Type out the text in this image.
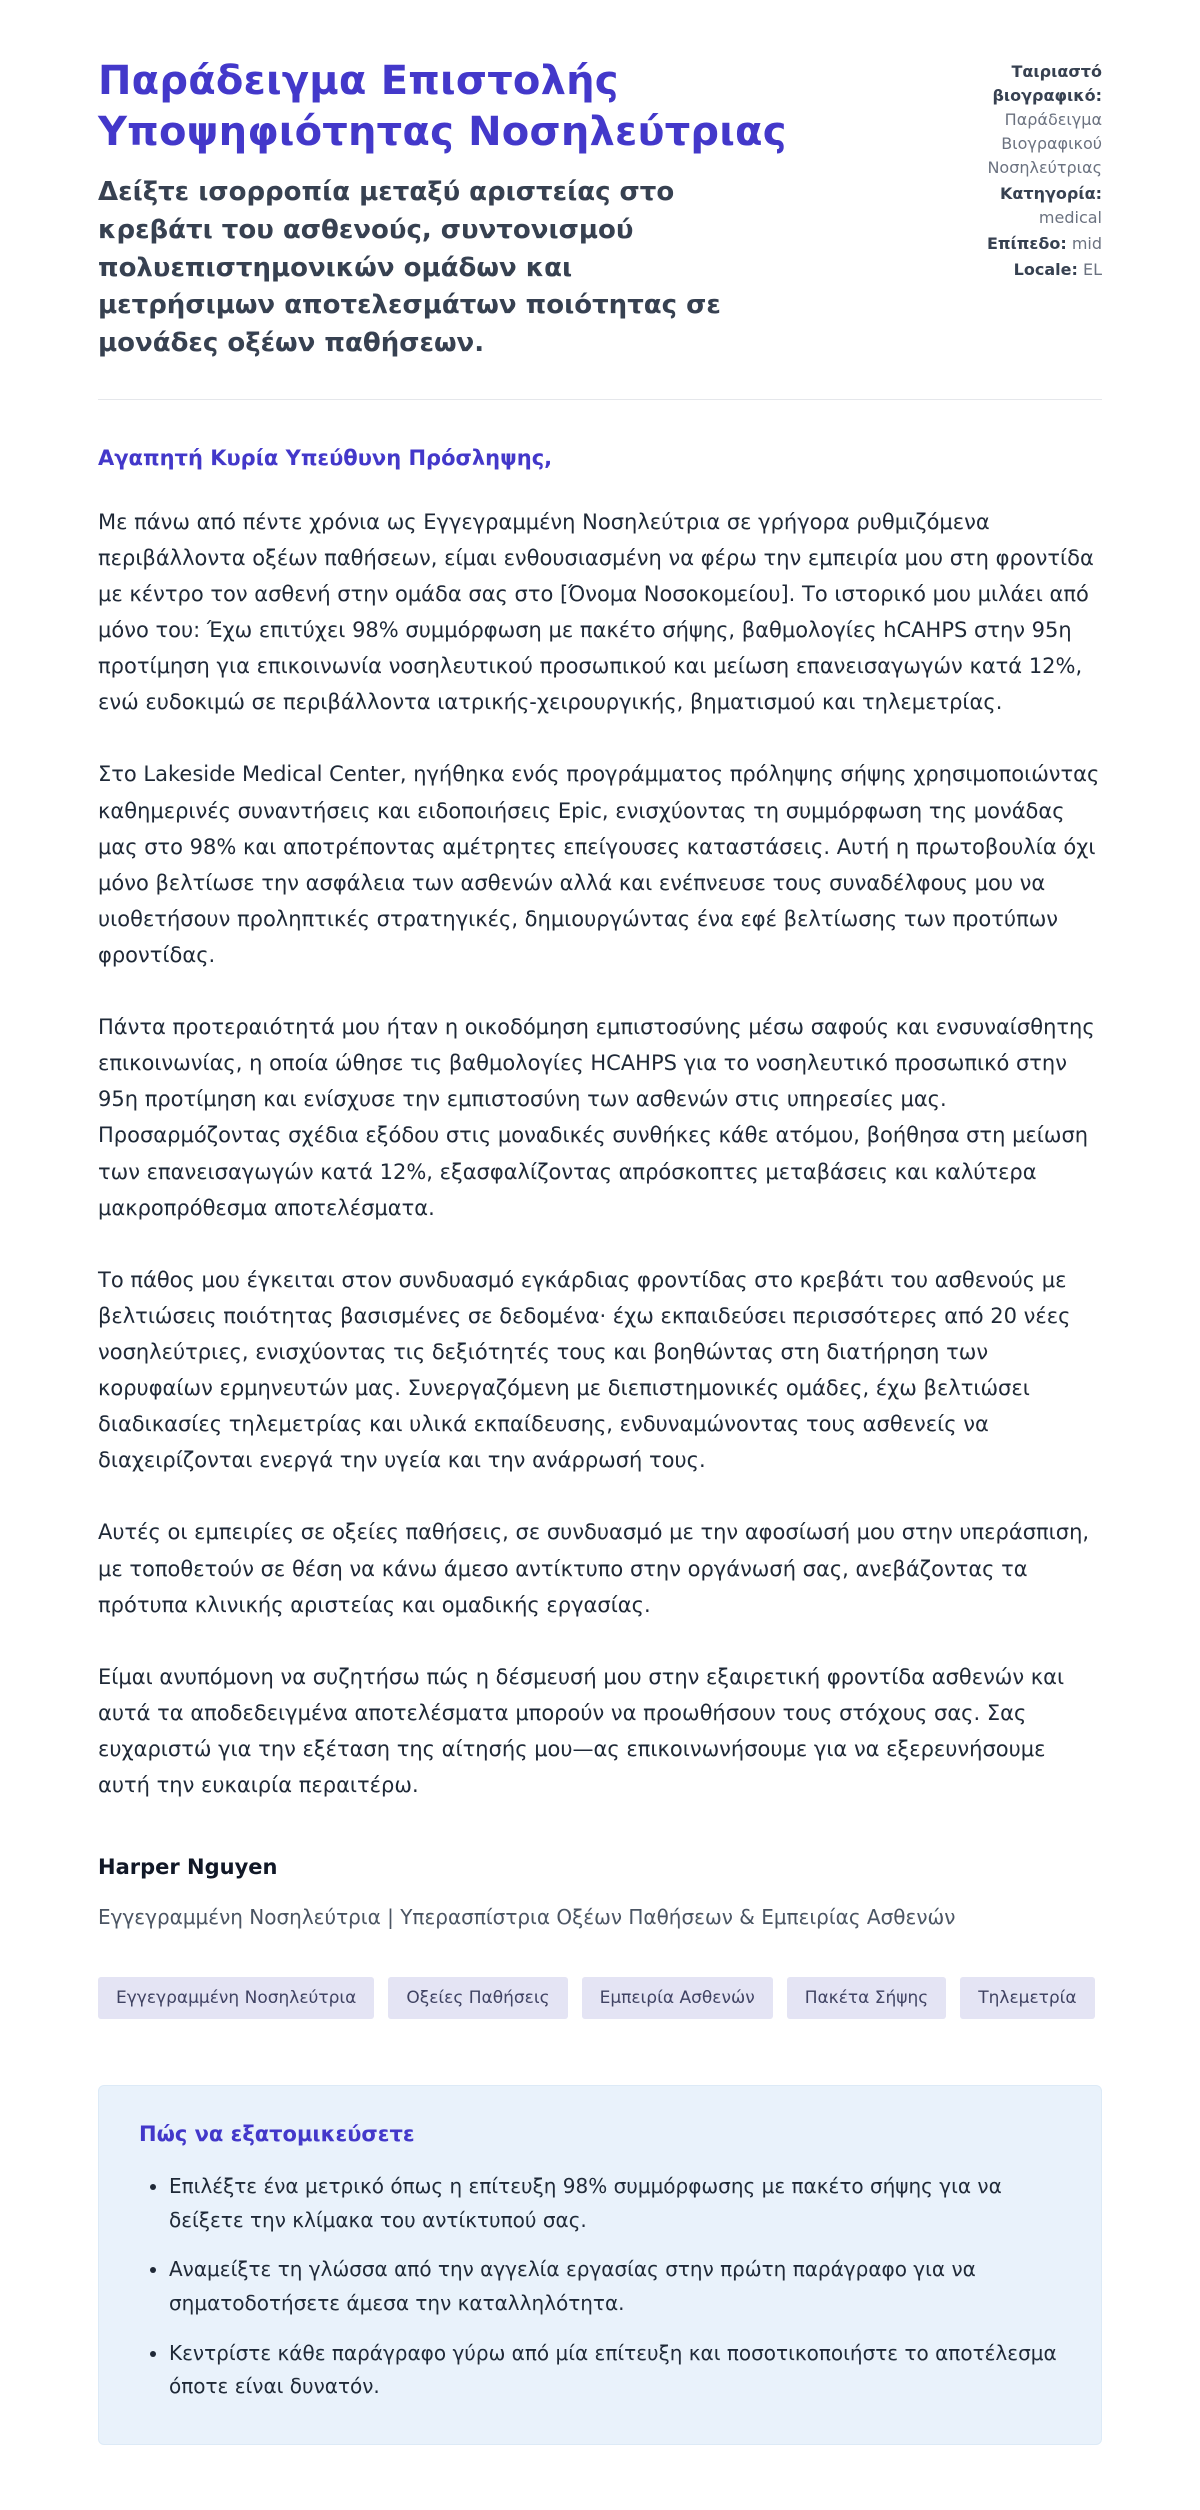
Παράδειγμα Επιστολής Υποψηφιότητας Νοσηλεύτριας

Δείξτε ισορροπία μεταξύ αριστείας στο κρεβάτι του ασθενούς, συντονισμού πολυεπιστημονικών ομάδων και μετρήσιμων αποτελεσμάτων ποιότητας σε μονάδες οξέων παθήσεων.

Ταιριαστό βιογραφικό: Παράδειγμα Βιογραφικού Νοσηλεύτριας
Κατηγορία: medical
Επίπεδο: mid
Locale: EL

Αγαπητή Κυρία Υπεύθυνη Πρόσληψης,

Με πάνω από πέντε χρόνια ως Εγγεγραμμένη Νοσηλεύτρια σε γρήγορα ρυθμιζόμενα περιβάλλοντα οξέων παθήσεων, είμαι ενθουσιασμένη να φέρω την εμπειρία μου στη φροντίδα με κέντρο τον ασθενή στην ομάδα σας στο [Όνομα Νοσοκομείου]. Το ιστορικό μου μιλάει από μόνο του: Έχω επιτύχει 98% συμμόρφωση με πακέτο σήψης, βαθμολογίες hCAHPS στην 95η προτίμηση για επικοινωνία νοσηλευτικού προσωπικού και μείωση επανεισαγωγών κατά 12%, ενώ ευδοκιμώ σε περιβάλλοντα ιατρικής-χειρουργικής, βηματισμού και τηλεμετρίας.

Στο Lakeside Medical Center, ηγήθηκα ενός προγράμματος πρόληψης σήψης χρησιμοποιώντας καθημερινές συναντήσεις και ειδοποιήσεις Epic, ενισχύοντας τη συμμόρφωση της μονάδας μας στο 98% και αποτρέποντας αμέτρητες επείγουσες καταστάσεις. Αυτή η πρωτοβουλία όχι μόνο βελτίωσε την ασφάλεια των ασθενών αλλά και ενέπνευσε τους συναδέλφους μου να υιοθετήσουν προληπτικές στρατηγικές, δημιουργώντας ένα εφέ βελτίωσης των προτύπων φροντίδας.

Πάντα προτεραιότητά μου ήταν η οικοδόμηση εμπιστοσύνης μέσω σαφούς και ενσυναίσθητης επικοινωνίας, η οποία ώθησε τις βαθμολογίες HCAHPS για το νοσηλευτικό προσωπικό στην 95η προτίμηση και ενίσχυσε την εμπιστοσύνη των ασθενών στις υπηρεσίες μας. Προσαρμόζοντας σχέδια εξόδου στις μοναδικές συνθήκες κάθε ατόμου, βοήθησα στη μείωση των επανεισαγωγών κατά 12%, εξασφαλίζοντας απρόσκοπτες μεταβάσεις και καλύτερα μακροπρόθεσμα αποτελέσματα.

Το πάθος μου έγκειται στον συνδυασμό εγκάρδιας φροντίδας στο κρεβάτι του ασθενούς με βελτιώσεις ποιότητας βασισμένες σε δεδομένα· έχω εκπαιδεύσει περισσότερες από 20 νέες νοσηλεύτριες, ενισχύοντας τις δεξιότητές τους και βοηθώντας στη διατήρηση των κορυφαίων ερμηνευτών μας. Συνεργαζόμενη με διεπιστημονικές ομάδες, έχω βελτιώσει διαδικασίες τηλεμετρίας και υλικά εκπαίδευσης, ενδυναμώνοντας τους ασθενείς να διαχειρίζονται ενεργά την υγεία και την ανάρρωσή τους.

Αυτές οι εμπειρίες σε οξείες παθήσεις, σε συνδυασμό με την αφοσίωσή μου στην υπεράσπιση, με τοποθετούν σε θέση να κάνω άμεσο αντίκτυπο στην οργάνωσή σας, ανεβάζοντας τα πρότυπα κλινικής αριστείας και ομαδικής εργασίας.

Είμαι ανυπόμονη να συζητήσω πώς η δέσμευσή μου στην εξαιρετική φροντίδα ασθενών και αυτά τα αποδεδειγμένα αποτελέσματα μπορούν να προωθήσουν τους στόχους σας. Σας ευχαριστώ για την εξέταση της αίτησής μου—ας επικοινωνήσουμε για να εξερευνήσουμε αυτή την ευκαιρία περαιτέρω.

Harper Nguyen

Εγγεγραμμένη Νοσηλεύτρια | Υπερασπίστρια Οξέων Παθήσεων & Εμπειρίας Ασθενών

Εγγεγραμμένη Νοσηλεύτρια	Οξείες Παθήσεις	Εμπειρία Ασθενών	Πακέτα Σήψης	Τηλεμετρία
Πώς να εξατομικεύσετε
• Επιλέξτε ένα μετρικό όπως η επίτευξη 98% συμμόρφωσης με πακέτο σήψης για να δείξετε την κλίμακα του αντίκτυπού σας.
• Αναμείξτε τη γλώσσα από την αγγελία εργασίας στην πρώτη παράγραφο για να σηματοδοτήσετε άμεσα την καταλληλότητα.
• Κεντρίστε κάθε παράγραφο γύρω από μία επίτευξη και ποσοτικοποιήστε το αποτέλεσμα όποτε είναι δυνατόν.
